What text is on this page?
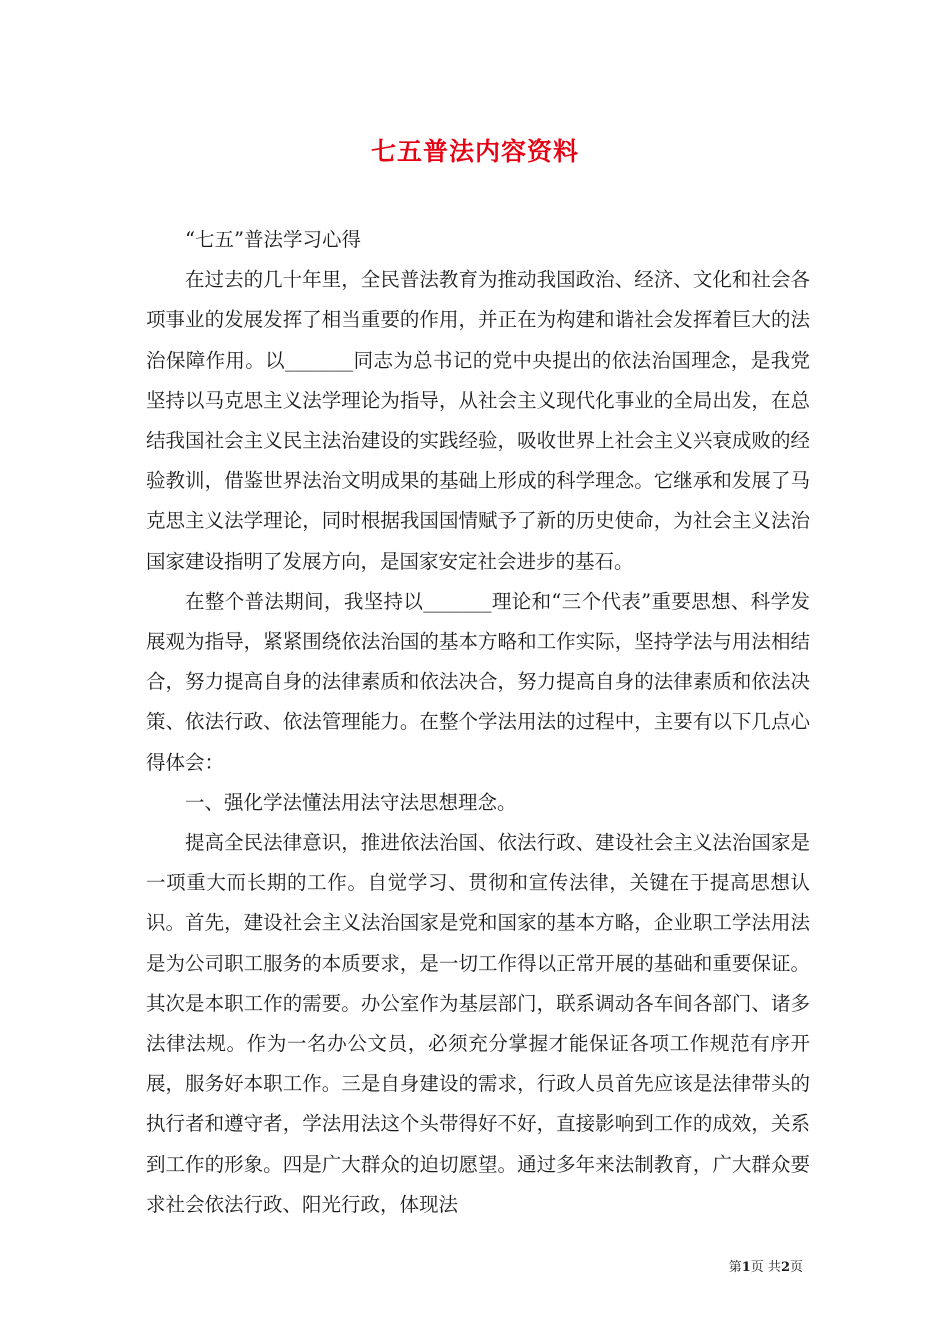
七五普法内容资料

“七五”普法学习心得

在过去的几十年里，全民普法教育为推动我国政治、经济、文化和社会各项事业的发展发挥了相当重要的作用，并正在为构建和谐社会发挥着巨大的法治保障作用。以_______同志为总书记的党中央提出的依法治国理念，是我党坚持以马克思主义法学理论为指导，从社会主义现代化事业的全局出发，在总结我国社会主义民主法治建设的实践经验，吸收世界上社会主义兴衰成败的经验教训，借鉴世界法治文明成果的基础上形成的科学理念。它继承和发展了马克思主义法学理论，同时根据我国国情赋予了新的历史使命，为社会主义法治国家建设指明了发展方向，是国家安定社会进步的基石。

在整个普法期间，我坚持以_______理论和“三个代表”重要思想、科学发展观为指导，紧紧围绕依法治国的基本方略和工作实际，坚持学法与用法相结合，努力提高自身的法律素质和依法决合，努力提高自身的法律素质和依法决策、依法行政、依法管理能力。在整个学法用法的过程中，主要有以下几点心得体会：

一、强化学法懂法用法守法思想理念。

提高全民法律意识，推进依法治国、依法行政、建设社会主义法治国家是一项重大而长期的工作。自觉学习、贯彻和宣传法律，关键在于提高思想认识。首先，建设社会主义法治国家是党和国家的基本方略，企业职工学法用法是为公司职工服务的本质要求，是一切工作得以正常开展的基础和重要保证。其次是本职工作的需要。办公室作为基层部门，联系调动各车间各部门、诸多法律法规。作为一名办公文员，必须充分掌握才能保证各项工作规范有序开展，服务好本职工作。三是自身建设的需求，行政人员首先应该是法律带头的执行者和遵守者，学法用法这个头带得好不好，直接影响到工作的成效，关系到工作的形象。四是广大群众的迫切愿望。通过多年来法制教育，广大群众要求社会依法行政、阳光行政，体现法

第1页 共2页
